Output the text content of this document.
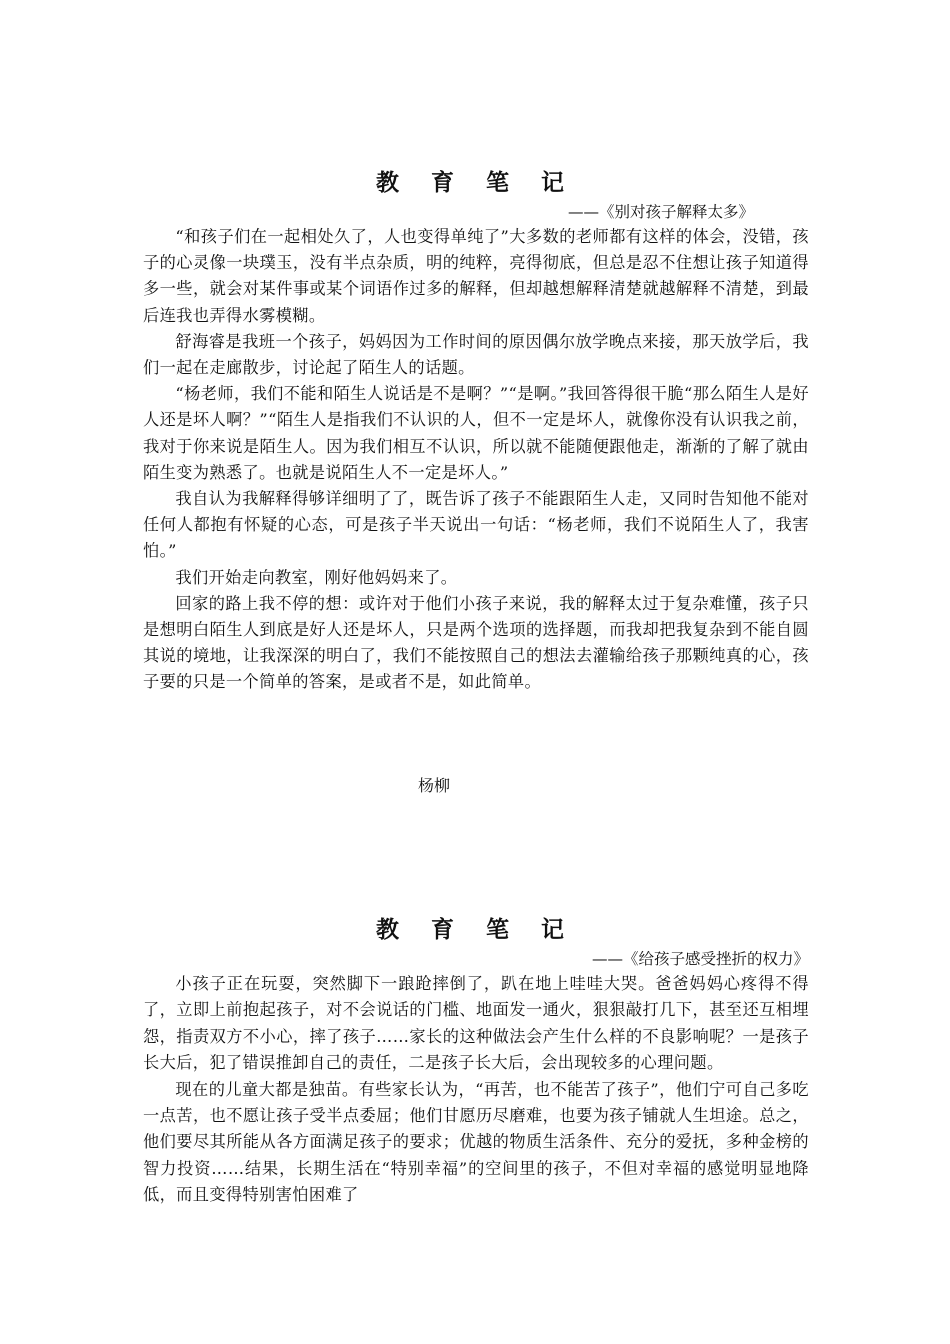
教 育 笔 记
——《别对孩子解释太多》

“和孩子们在一起相处久了，人也变得单纯了”大多数的老师都有这样的体会，没错，孩子的心灵像一块璞玉，没有半点杂质，明的纯粹，亮得彻底，但总是忍不住想让孩子知道得多一些，就会对某件事或某个词语作过多的解释，但却越想解释清楚就越解释不清楚，到最后连我也弄得水雾模糊。

舒海睿是我班一个孩子，妈妈因为工作时间的原因偶尔放学晚点来接，那天放学后，我们一起在走廊散步，讨论起了陌生人的话题。

“杨老师，我们不能和陌生人说话是不是啊？”“是啊。”我回答得很干脆“那么陌生人是好人还是坏人啊？”“陌生人是指我们不认识的人，但不一定是坏人，就像你没有认识我之前，我对于你来说是陌生人。因为我们相互不认识，所以就不能随便跟他走，渐渐的了解了就由陌生变为熟悉了。也就是说陌生人不一定是坏人。”

我自认为我解释得够详细明了了，既告诉了孩子不能跟陌生人走，又同时告知他不能对任何人都抱有怀疑的心态，可是孩子半天说出一句话：“杨老师，我们不说陌生人了，我害怕。”

我们开始走向教室，刚好他妈妈来了。

回家的路上我不停的想：或许对于他们小孩子来说，我的解释太过于复杂难懂，孩子只是想明白陌生人到底是好人还是坏人，只是两个选项的选择题，而我却把我复杂到不能自圆其说的境地，让我深深的明白了，我们不能按照自己的想法去灌输给孩子那颗纯真的心，孩子要的只是一个简单的答案，是或者不是，如此简单。

杨柳
教 育 笔 记
——《给孩子感受挫折的权力》

小孩子正在玩耍，突然脚下一踉跄摔倒了，趴在地上哇哇大哭。爸爸妈妈心疼得不得了，立即上前抱起孩子，对不会说话的门槛、地面发一通火，狠狠敲打几下，甚至还互相埋怨，指责双方不小心，摔了孩子……家长的这种做法会产生什么样的不良影响呢？一是孩子长大后，犯了错误推卸自己的责任，二是孩子长大后，会出现较多的心理问题。

现在的儿童大都是独苗。有些家长认为，“再苦，也不能苦了孩子”，他们宁可自己多吃一点苦，也不愿让孩子受半点委屈；他们甘愿历尽磨难，也要为孩子铺就人生坦途。总之，他们要尽其所能从各方面满足孩子的要求；优越的物质生活条件、充分的爱抚，多种金榜的智力投资……结果，长期生活在“特别幸福”的空间里的孩子，不但对幸福的感觉明显地降低，而且变得特别害怕困难了
